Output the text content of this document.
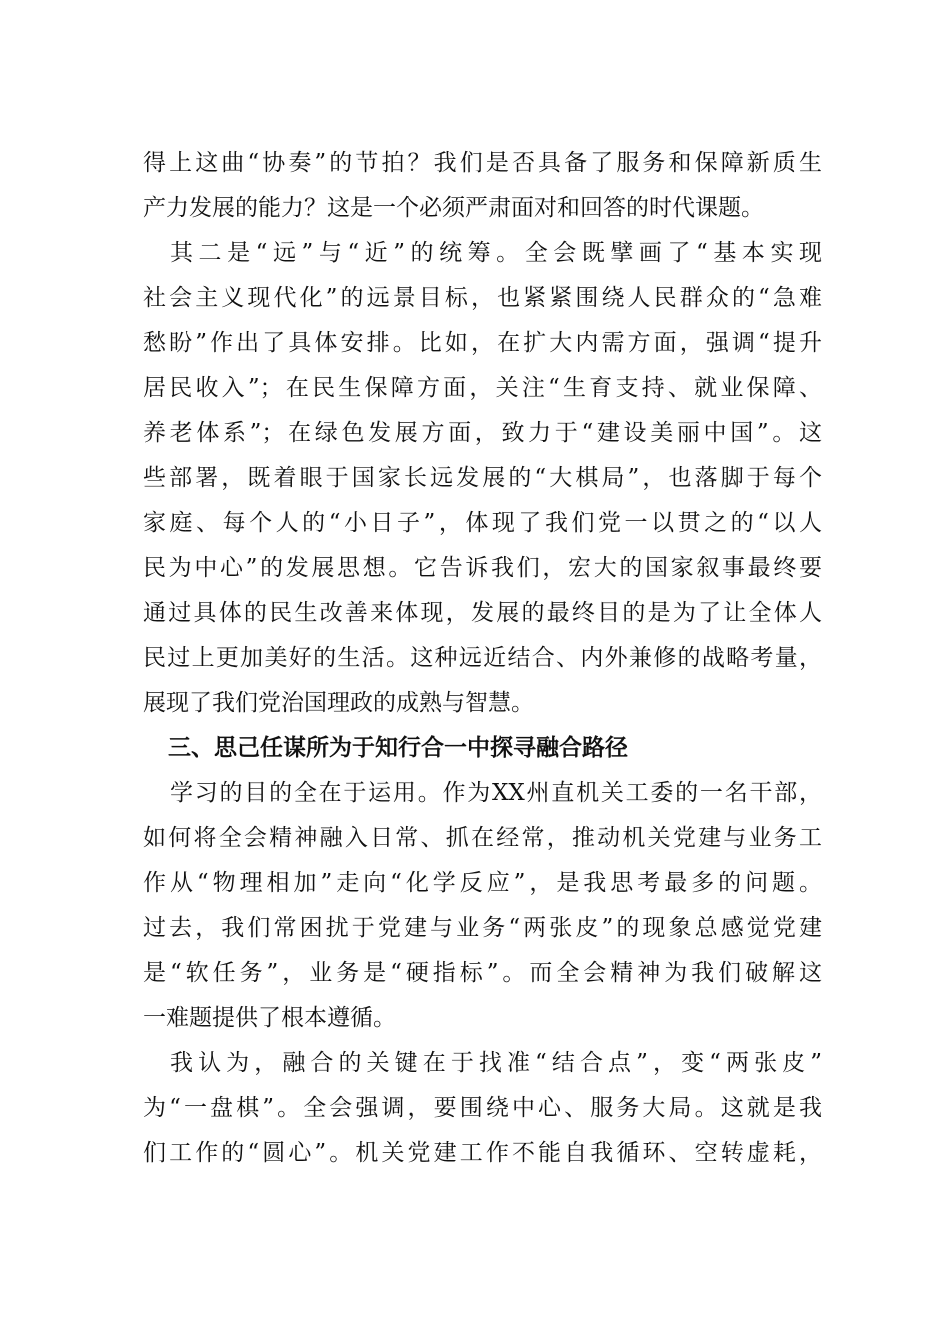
得上这曲“协奏”的节拍？我们是否具备了服务和保障新质生
产力发展的能力？这是一个必须严肃面对和回答的时代课题。
其二是“远”与“近”的统筹。全会既擘画了“基本实现
社会主义现代化”的远景目标，也紧紧围绕人民群众的“急难
愁盼”作出了具体安排。比如，在扩大内需方面，强调“提升
居民收入”；在民生保障方面，关注“生育支持、就业保障、
养老体系”；在绿色发展方面，致力于“建设美丽中国”。这
些部署，既着眼于国家长远发展的“大棋局”，也落脚于每个
家庭、每个人的“小日子”，体现了我们党一以贯之的“以人
民为中心”的发展思想。它告诉我们，宏大的国家叙事最终要
通过具体的民生改善来体现，发展的最终目的是为了让全体人
民过上更加美好的生活。这种远近结合、内外兼修的战略考量，
展现了我们党治国理政的成熟与智慧。
三、思己任谋所为于知行合一中探寻融合路径
学习的目的全在于运用。作为XX州直机关工委的一名干部，
如何将全会精神融入日常、抓在经常，推动机关党建与业务工
作从“物理相加”走向“化学反应”，是我思考最多的问题。
过去，我们常困扰于党建与业务“两张皮”的现象总感觉党建
是“软任务”，业务是“硬指标”。而全会精神为我们破解这
一难题提供了根本遵循。
我认为，融合的关键在于找准“结合点”，变“两张皮”
为“一盘棋”。全会强调，要围绕中心、服务大局。这就是我
们工作的“圆心”。机关党建工作不能自我循环、空转虚耗，
